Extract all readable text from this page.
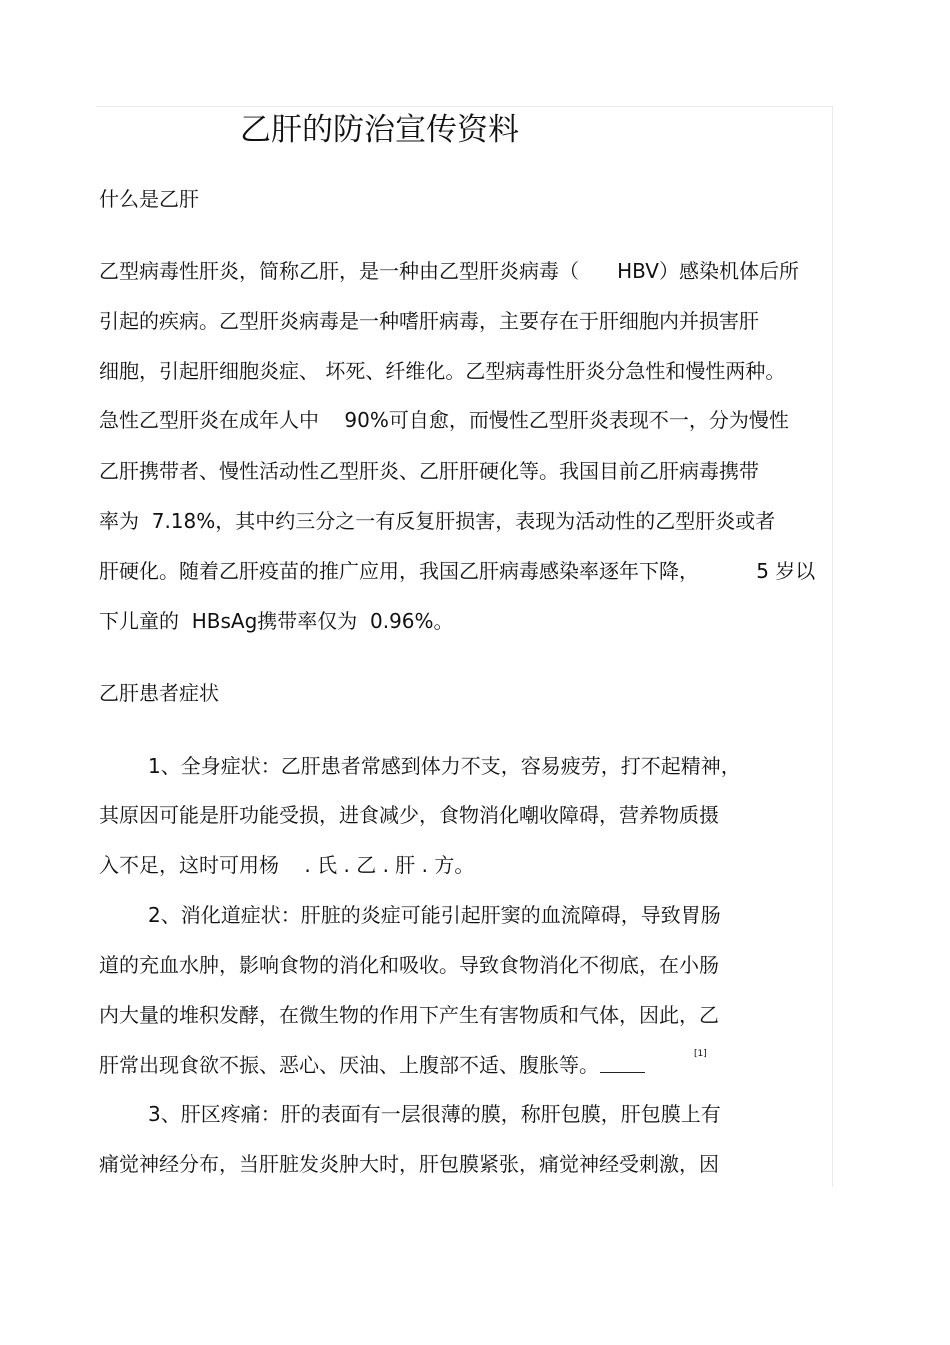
乙肝的防治宣传资料
什么是乙肝
乙型病毒性肝炎，简称乙肝，是一种由乙型肝炎病毒（      HBV）感染机体后所
引起的疾病。乙型肝炎病毒是一种嗜肝病毒，主要存在于肝细胞内并损害肝
细胞，引起肝细胞炎症、 坏死、纤维化。乙型病毒性肝炎分急性和慢性两种。
急性乙型肝炎在成年人中    90%可自愈，而慢性乙型肝炎表现不一，分为慢性
乙肝携带者、慢性活动性乙型肝炎、乙肝肝硬化等。我国目前乙肝病毒携带
率为  7.18%，其中约三分之一有反复肝损害，表现为活动性的乙型肝炎或者
肝硬化。随着乙肝疫苗的推广应用，我国乙肝病毒感染率逐年下降，         5 岁以
下儿童的  HBsAg携带率仅为  0.96%。
乙肝患者症状
1、全身症状：乙肝患者常感到体力不支，容易疲劳，打不起精神，
其原因可能是肝功能受损，进食减少，食物消化嘲收障碍，营养物质摄
入不足，这时可用杨    . 氏 . 乙 . 肝 . 方。
2、消化道症状：肝脏的炎症可能引起肝窦的血流障碍，导致胃肠
道的充血水肿，影响食物的消化和吸收。导致食物消化不彻底，在小肠
内大量的堆积发酵，在微生物的作用下产生有害物质和气体，因此，乙
肝常出现食欲不振、恶心、厌油、上腹部不适、腹胀等。	[1]
3、肝区疼痛：肝的表面有一层很薄的膜，称肝包膜，肝包膜上有
痛觉神经分布，当肝脏发炎肿大时，肝包膜紧张，痛觉神经受刺激，因
